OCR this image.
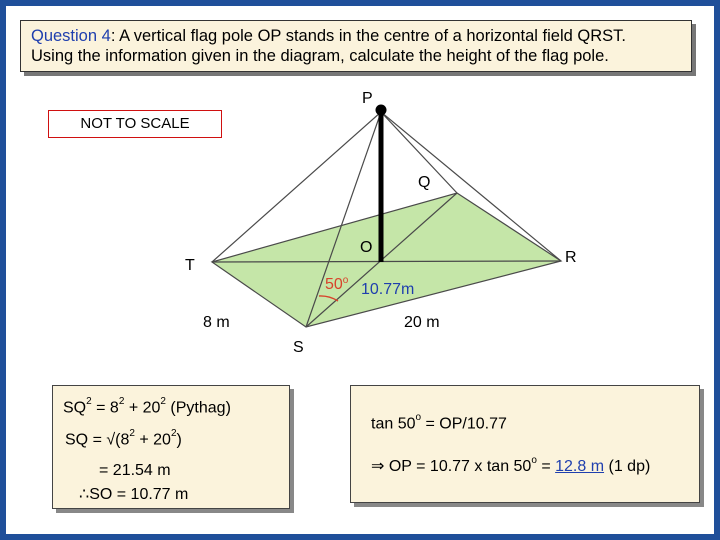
Question 4: A vertical flag pole OP stands in the centre of a horizontal field QRST.
Using the information given in the diagram, calculate the height of the flag pole.
NOT TO SCALE
P
Q
R
T
O
S
8 m	20 m
50$^o$
10.77m
$SQ^2 = 8^2 + 20^2$ (Pythag)
SQ = $√(8^2 + 20^2)$
= 21.54 m
∴SO = 10.77 m
$\tan 50^o = OP/10.77$
⇒ OP = 10.77 x $\tan 50^o = 12.8$ m (1 dp)
